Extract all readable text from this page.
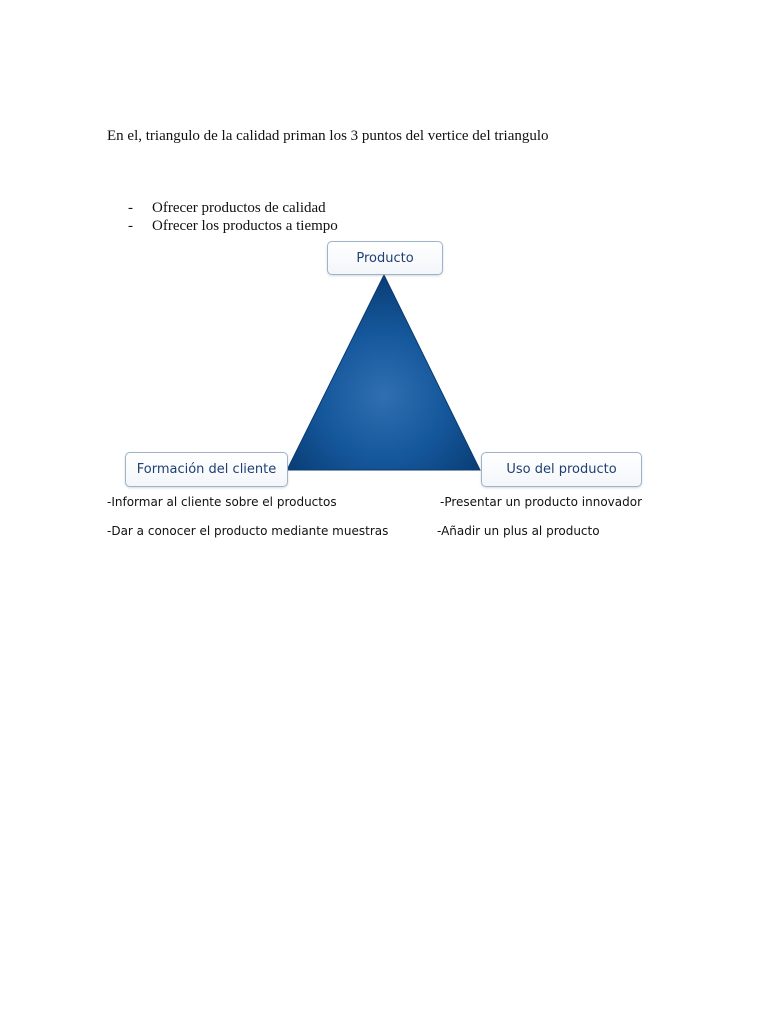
En el, triangulo de la calidad priman los 3 puntos del vertice del triangulo
-	Ofrecer productos de calidad
-	Ofrecer los productos a tiempo
Producto
Formación del cliente	Uso del producto
-Informar al cliente sobre el productos
-Dar a conocer el producto mediante muestras
-Presentar un producto innovador
-Añadir un plus al producto
